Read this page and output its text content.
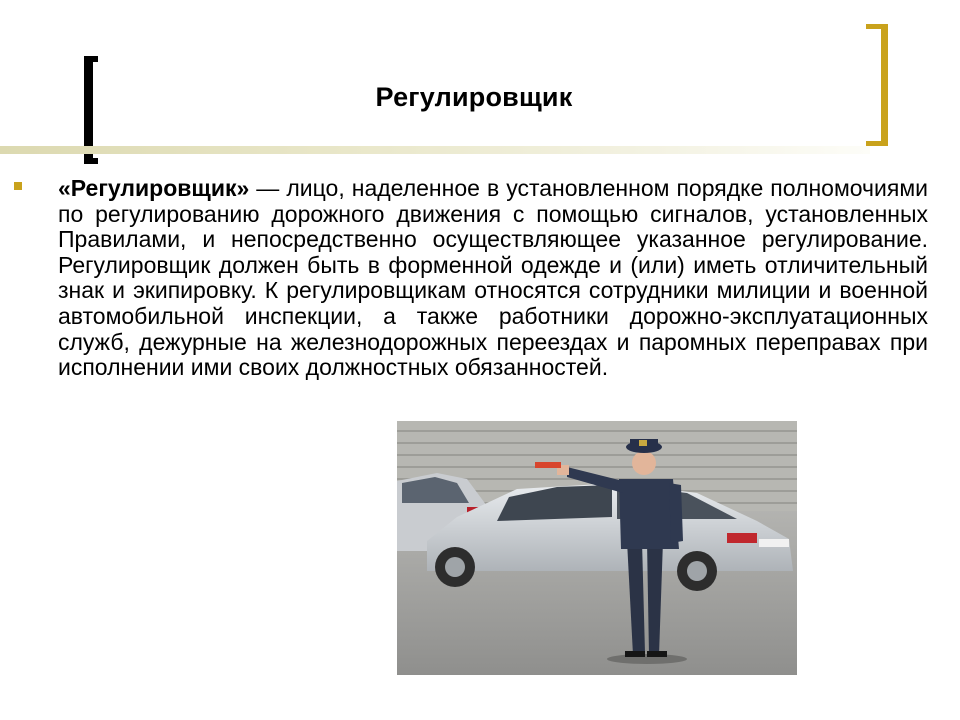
Регулировщик
«Регулировщик» — лицо, наделенное в установленном порядке полномочиями по регулированию дорожного движения с помощью сигналов, установленных Правилами, и непосредственно осуществляющее указанное регулирование. Регулировщик должен быть в форменной одежде и (или) иметь отличительный знак и экипировку. К регулировщикам относятся сотрудники милиции и военной автомобильной инспекции, а также работники дорожно-эксплуатационных служб, дежурные на железнодорожных переездах и паромных переправах при исполнении ими своих должностных обязанностей.
